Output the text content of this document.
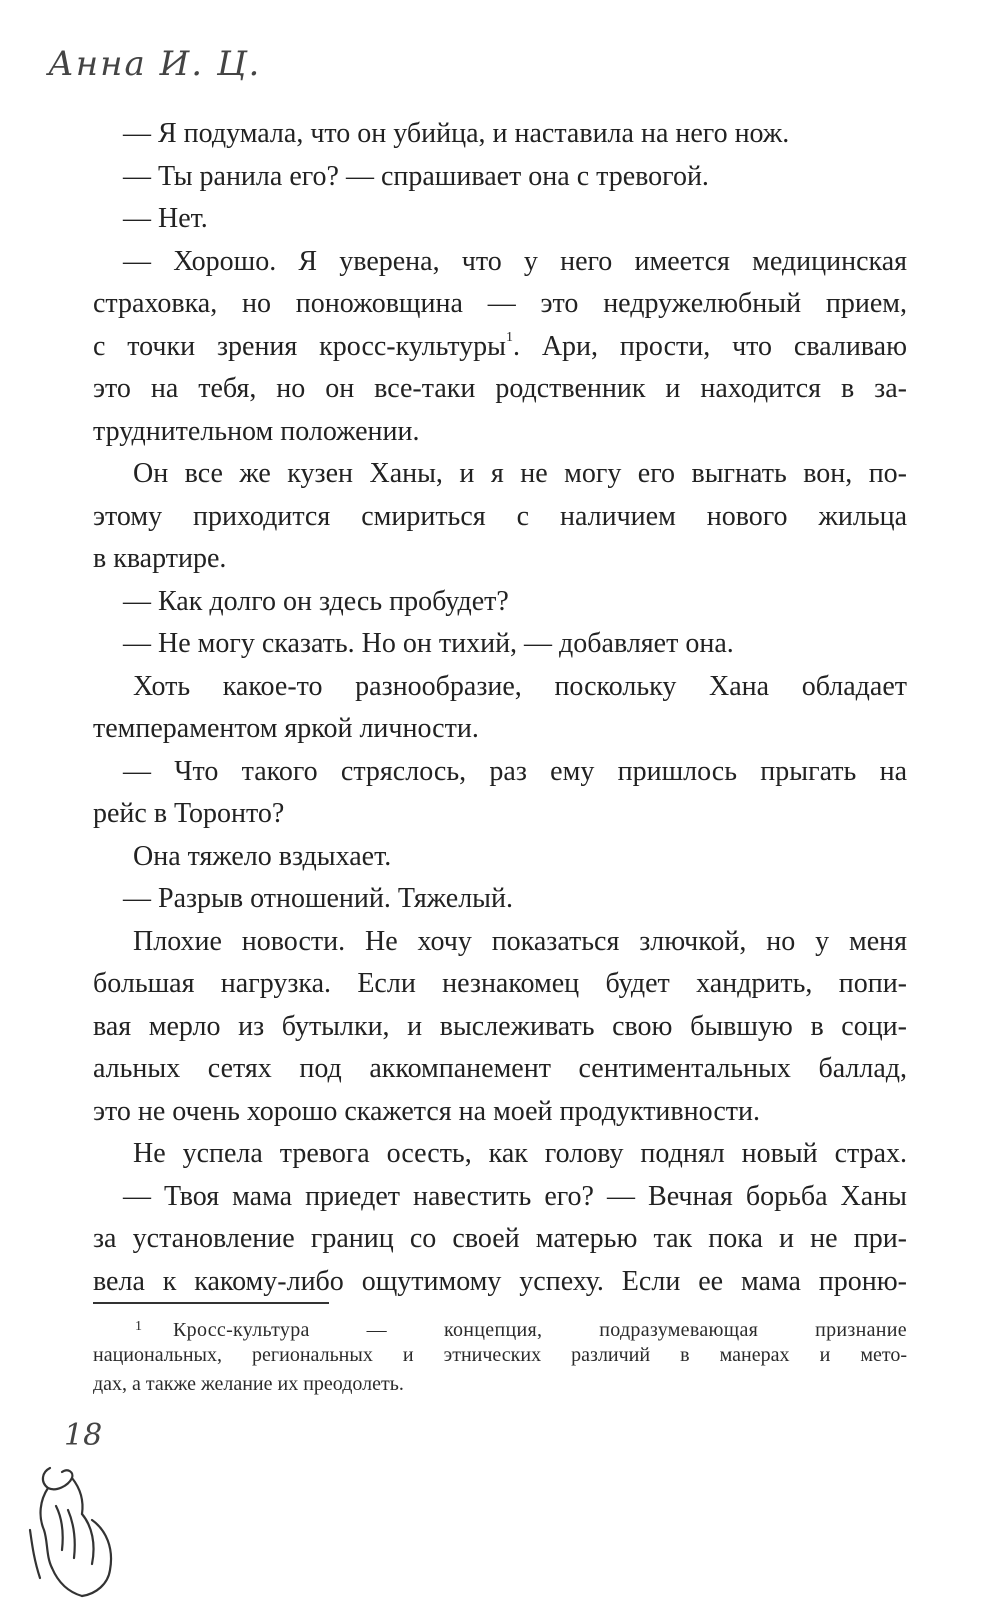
Анна И. Ц.
— Я подумала, что он убийца, и наставила на него нож.
— Ты ранила его? — спрашивает она с тревогой.
— Нет.
— Хорошо. Я уверена, что у него имеется медицинская
страховка, но поножовщина — это недружелюбный прием,
с точки зрения кросс-культуры$^1$. Ари, прости, что сваливаю
это на тебя, но он все-таки родственник и находится в за-
труднительном положении.
Он все же кузен Ханы, и я не могу его выгнать вон, по-
этому приходится смириться с наличием нового жильца
в квартире.
— Как долго он здесь пробудет?
— Не могу сказать. Но он тихий, — добавляет она.
Хоть какое-то разнообразие, поскольку Хана обладает
темпераментом яркой личности.
— Что такого стряслось, раз ему пришлось прыгать на
рейс в Торонто?
Она тяжело вздыхает.
— Разрыв отношений. Тяжелый.
Плохие новости. Не хочу показаться злючкой, но у меня
большая нагрузка. Если незнакомец будет хандрить, попи-
вая мерло из бутылки, и выслеживать свою бывшую в соци-
альных сетях под аккомпанемент сентиментальных баллад,
это не очень хорошо скажется на моей продуктивности.
Не успела тревога осесть, как голову поднял новый страх.
— Твоя мама приедет навестить его? — Вечная борьба Ханы
за установление границ со своей матерью так пока и не при-
вела к какому-либо ощутимому успеху. Если ее мама проню-
1 Кросс-культура — концепция, подразумевающая признание
национальных, региональных и этнических различий в манерах и мето-
дах, а также желание их преодолеть.
18
